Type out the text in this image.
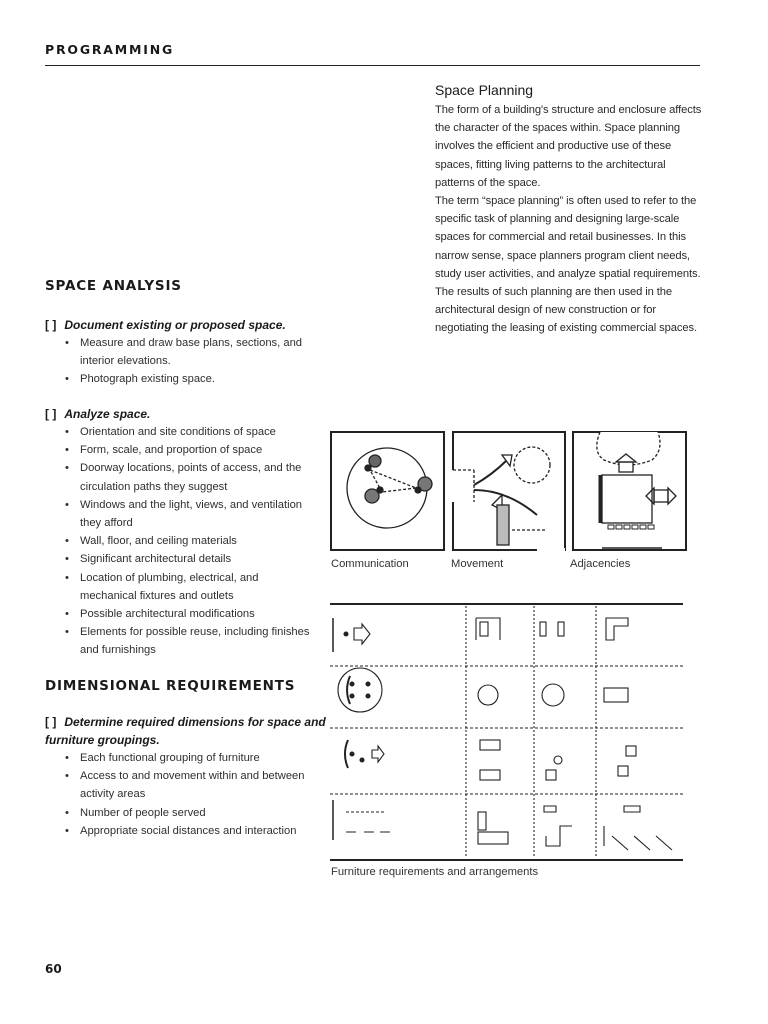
PROGRAMMING
Space Planning
The form of a building's structure and enclosure affects the character of the spaces within. Space planning involves the efficient and productive use of these spaces, fitting living patterns to the architectural patterns of the space.
The term “space planning” is often used to refer to the specific task of planning and designing large-scale spaces for commercial and retail businesses. In this narrow sense, space planners program client needs, study user activities, and analyze spatial requirements. The results of such planning are then used in the architectural design of new construction or for negotiating the leasing of existing commercial spaces.
SPACE ANALYSIS
[ ] Document existing or proposed space.
• Measure and draw base plans, sections, and interior elevations.
• Photograph existing space.
[ ] Analyze space.
• Orientation and site conditions of space
• Form, scale, and proportion of space
• Doorway locations, points of access, and the circulation paths they suggest
• Windows and the light, views, and ventilation they afford
• Wall, floor, and ceiling materials
• Significant architectural details
• Location of plumbing, electrical, and mechanical fixtures and outlets
• Possible architectural modifications
• Elements for possible reuse, including finishes and furnishings
DIMENSIONAL REQUIREMENTS
[ ] Determine required dimensions for space and furniture groupings.
• Each functional grouping of furniture
• Access to and movement within and between activity areas
• Number of people served
• Appropriate social distances and interaction
Communication	Movement	Adjacencies
Furniture requirements and arrangements
60
